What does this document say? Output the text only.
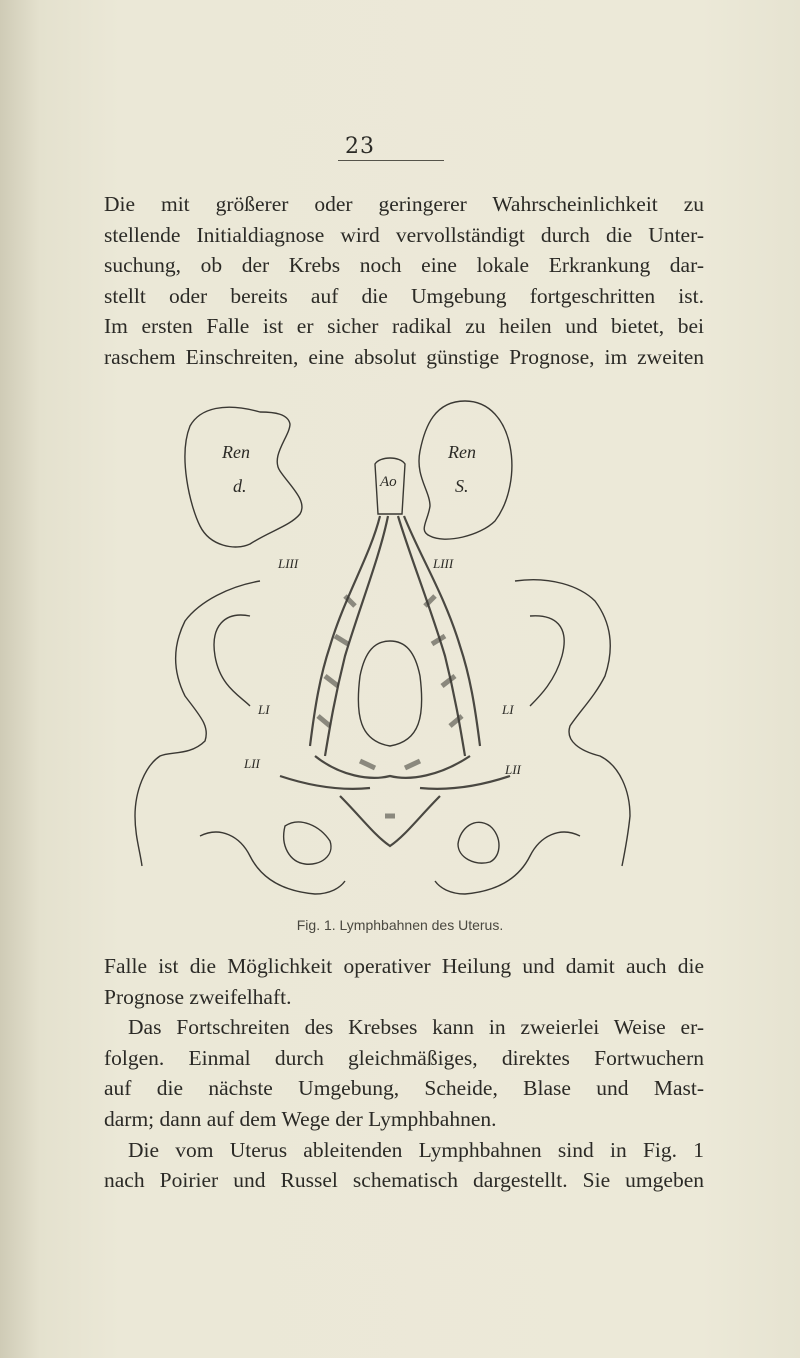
23
Die mit größerer oder geringerer Wahrscheinlichkeit zu
stellende Initialdiagnose wird vervollständigt durch die Unter-
suchung, ob der Krebs noch eine lokale Erkrankung dar-
stellt oder bereits auf die Umgebung fortgeschritten ist.
Im ersten Falle ist er sicher radikal zu heilen und bietet, bei
raschem Einschreiten, eine absolut günstige Prognose, im zweiten
Ren
d.
Ren
S.
Ao
LIII	LIII
LI	LI
LII	LII
Fig. 1. Lymphbahnen des Uterus.
Falle ist die Möglichkeit operativer Heilung und damit auch die
Prognose zweifelhaft.
Das Fortschreiten des Krebses kann in zweierlei Weise er-
folgen. Einmal durch gleichmäßiges, direktes Fortwuchern
auf die nächste Umgebung, Scheide, Blase und Mast-
darm; dann auf dem Wege der Lymphbahnen.
Die vom Uterus ableitenden Lymphbahnen sind in Fig. 1
nach Poirier und Russel schematisch dargestellt. Sie umgeben
